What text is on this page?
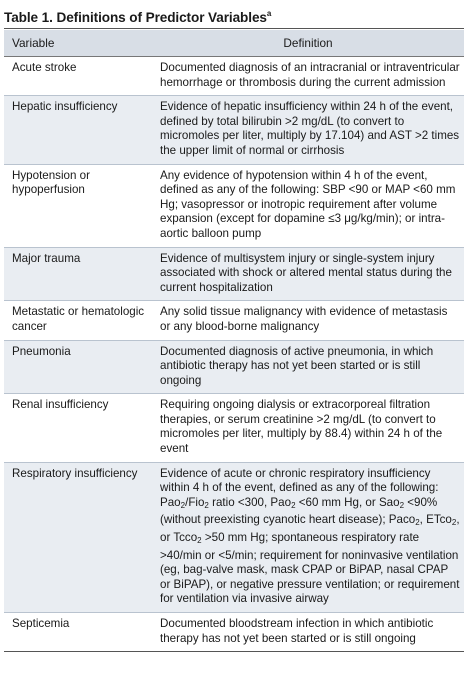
Table 1. Definitions of Predictor Variables$^a$
Variable	Definition
Acute stroke	Documented diagnosis of an intracranial or intraventricular hemorrhage or thrombosis during the current admission
Hepatic insufficiency	Evidence of hepatic insufficiency within 24 h of the event, defined by total bilirubin >2 mg/dL (to convert to micromoles per liter, multiply by 17.104) and AST >2 times the upper limit of normal or cirrhosis
Hypotension or hypoperfusion	Any evidence of hypotension within 4 h of the event, defined as any of the following: SBP <90 or MAP <60 mm Hg; vasopressor or inotropic requirement after volume expansion (except for dopamine ≤3 μg/kg/min); or intra-aortic balloon pump
Major trauma	Evidence of multisystem injury or single-system injury associated with shock or altered mental status during the current hospitalization
Metastatic or hematologic cancer	Any solid tissue malignancy with evidence of metastasis or any blood-borne malignancy
Pneumonia	Documented diagnosis of active pneumonia, in which antibiotic therapy has not yet been started or is still ongoing
Renal insufficiency	Requiring ongoing dialysis or extracorporeal filtration therapies, or serum creatinine >2 mg/dL (to convert to micromoles per liter, multiply by 88.4) within 24 h of the event
Respiratory insufficiency	Evidence of acute or chronic respiratory insufficiency within 4 h of the event, defined as any of the following: Pao$_2$/Fio$_2$ ratio <300, Pao$_2$ <60 mm Hg, or Sao$_2$ <90% (without preexisting cyanotic heart disease); Paco$_2$, ETco$_2$, or Tcco$_2$ >50 mm Hg; spontaneous respiratory rate >40/min or <5/min; requirement for noninvasive ventilation (eg, bag-valve mask, mask CPAP or BiPAP, nasal CPAP or BiPAP), or negative pressure ventilation; or requirement for ventilation via invasive airway
Septicemia	Documented bloodstream infection in which antibiotic therapy has not yet been started or is still ongoing
